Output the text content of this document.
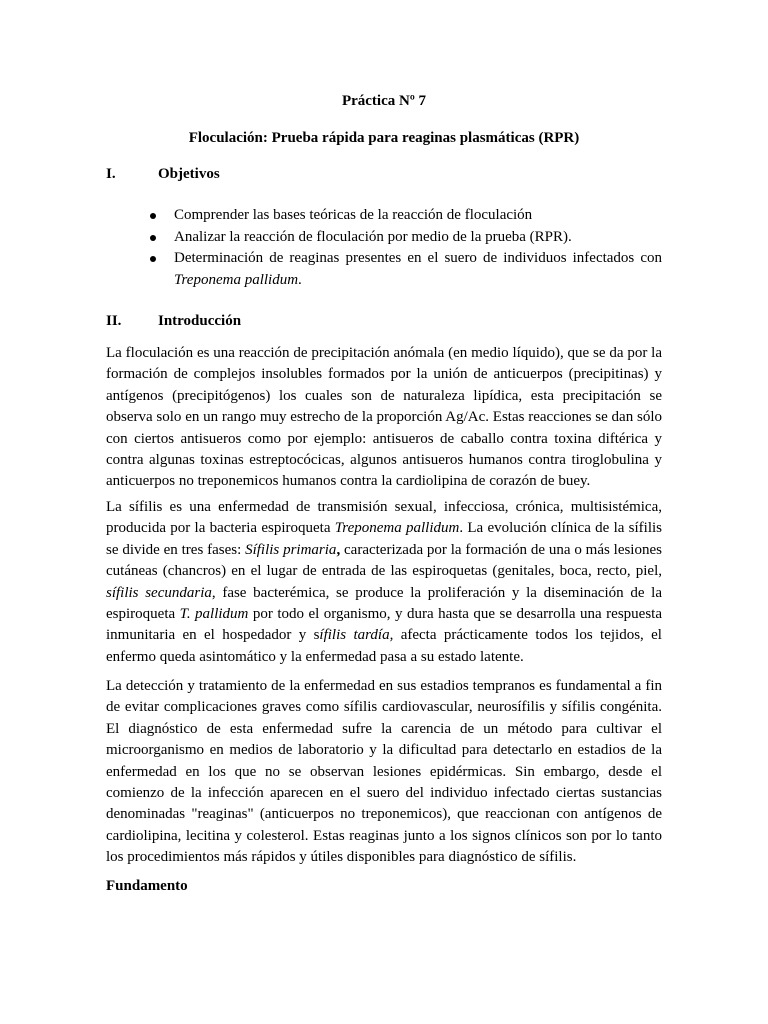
Práctica Nº 7
Floculación: Prueba rápida para reaginas plasmáticas (RPR)
I.	Objetivos
Comprender las bases teóricas de la reacción de floculación
Analizar la reacción de floculación por medio de la prueba (RPR).
Determinación de reaginas presentes en el suero de individuos infectados con Treponema pallidum.
II. Introducción

La floculación es una reacción de precipitación anómala (en medio líquido), que se da por la formación de complejos insolubles formados por la unión de anticuerpos (precipitinas) y antígenos (precipitógenos) los cuales son de naturaleza lipídica, esta precipitación se observa solo en un rango muy estrecho de la proporción Ag/Ac. Estas reacciones se dan sólo con ciertos antisueros como por ejemplo: antisueros de caballo contra toxina diftérica y contra algunas toxinas estreptocócicas, algunos antisueros humanos contra tiroglobulina y anticuerpos no treponemicos humanos contra la cardiolipina de corazón de buey.

La sífilis es una enfermedad de transmisión sexual, infecciosa, crónica, multisistémica, producida por la bacteria espiroqueta Treponema pallidum. La evolución clínica de la sífilis se divide en tres fases: Sífilis primaria, caracterizada por la formación de una o más lesiones cutáneas (chancros) en el lugar de entrada de las espiroquetas (genitales, boca, recto, piel, sífilis secundaria, fase bacterémica, se produce la proliferación y la diseminación de la espiroqueta T. pallidum por todo el organismo, y dura hasta que se desarrolla una respuesta inmunitaria en el hospedador y sífilis tardía, afecta prácticamente todos los tejidos, el enfermo queda asintomático y la enfermedad pasa a su estado latente.

La detección y tratamiento de la enfermedad en sus estadios tempranos es fundamental a fin de evitar complicaciones graves como sífilis cardiovascular, neurosífilis y sífilis congénita. El diagnóstico de esta enfermedad sufre la carencia de un método para cultivar el microorganismo en medios de laboratorio y la dificultad para detectarlo en estadios de la enfermedad en los que no se observan lesiones epidérmicas. Sin embargo, desde el comienzo de la infección aparecen en el suero del individuo infectado ciertas sustancias denominadas "reaginas" (anticuerpos no treponemicos), que reaccionan con antígenos de cardiolipina, lecitina y colesterol. Estas reaginas junto a los signos clínicos son por lo tanto los procedimientos más rápidos y útiles disponibles para diagnóstico de sífilis.

Fundamento
